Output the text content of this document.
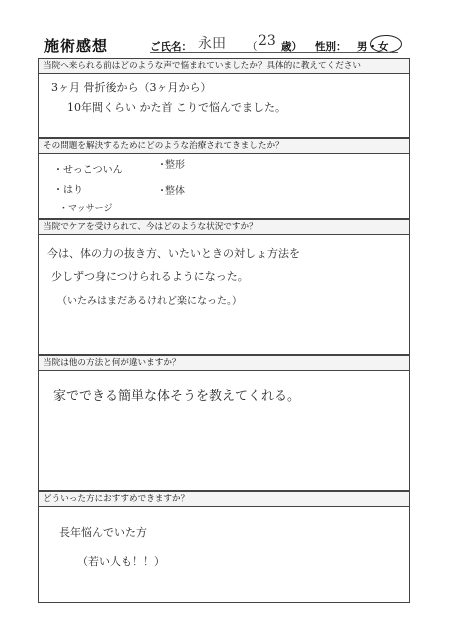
施術感想	ご氏名： 永田 （ 23 歳） 性別： 男・女
当院へ来られる前はどのような声で悩まれていましたか？具体的に教えてください
3ヶ月 骨折後から（3ヶ月から）
10年間くらい かた首 こりで悩んでました。
その問題を解決するためにどのような治療されてきましたか？
・せっこついん
・はり
・マッサージ
・
整形
・
整体
当院でケアを受けられて、今はどのような状況ですか？
今は、体の力の抜き方、いたいときの対しょ方法を
少しずつ身につけられるようになった。
（いたみはまだあるけれど楽になった。）
当院は他の方法と何が違いますか？
家でできる簡単な体そうを教えてくれる。
どういった方におすすめできますか？
長年悩んでいた方
（若い人も！！）
